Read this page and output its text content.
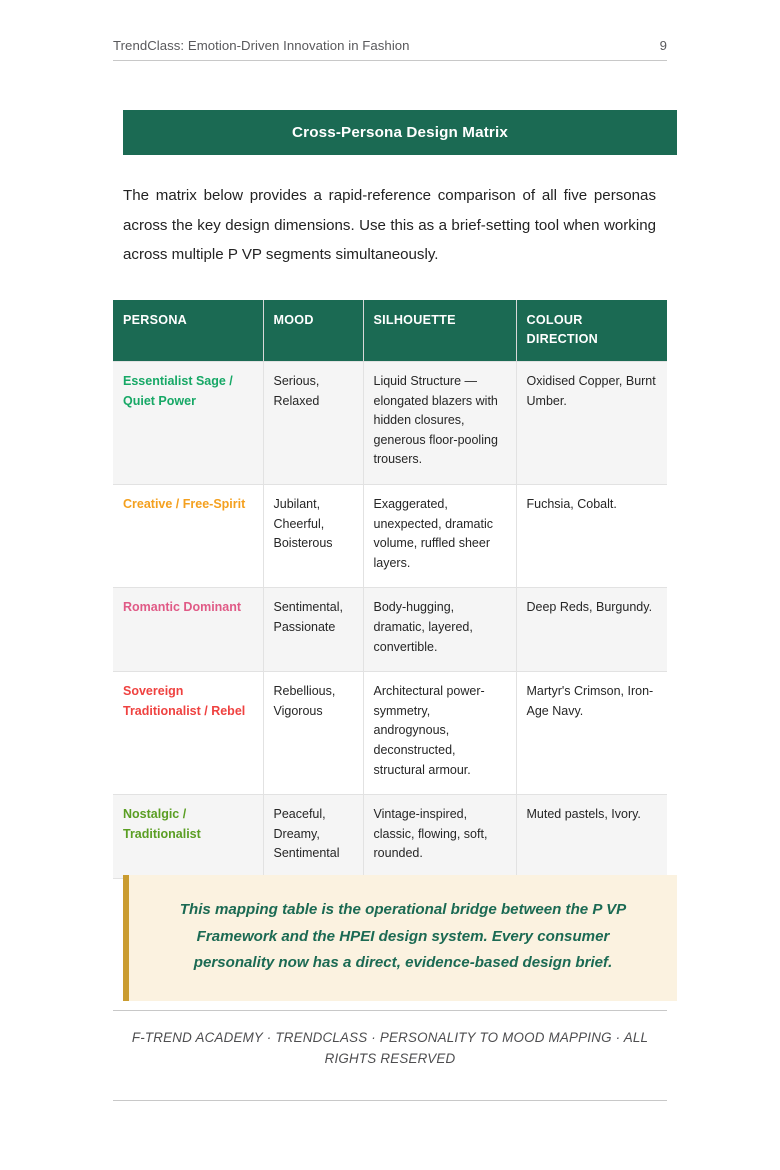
TrendClass: Emotion-Driven Innovation in Fashion	9
Cross-Persona Design Matrix

The matrix below provides a rapid-reference comparison of all five personas across the key design dimensions. Use this as a brief-setting tool when working across multiple P VP segments simultaneously.

PERSONA	MOOD	SILHOUETTE	COLOUR DIRECTION
Essentialist Sage / Quiet Power	Serious, Relaxed	Liquid Structure — elongated blazers with hidden closures, generous floor-pooling trousers.	Oxidised Copper, Burnt Umber.
Creative / Free-Spirit	Jubilant, Cheerful, Boisterous	Exaggerated, unexpected, dramatic volume, ruffled sheer layers.	Fuchsia, Cobalt.
Romantic Dominant	Sentimental, Passionate	Body-hugging, dramatic, layered, convertible.	Deep Reds, Burgundy.
Sovereign Traditionalist / Rebel	Rebellious, Vigorous	Architectural power-symmetry, androgynous, deconstructed, structural armour.	Martyr's Crimson, Iron-Age Navy.
Nostalgic / Traditionalist	Peaceful, Dreamy, Sentimental	Vintage-inspired, classic, flowing, soft, rounded.	Muted pastels, Ivory.
This mapping table is the operational bridge between the P VP Framework and the HPEI design system. Every consumer personality now has a direct, evidence-based design brief.
F-TREND ACADEMY · TRENDCLASS · PERSONALITY TO MOOD MAPPING · ALL RIGHTS RESERVED
